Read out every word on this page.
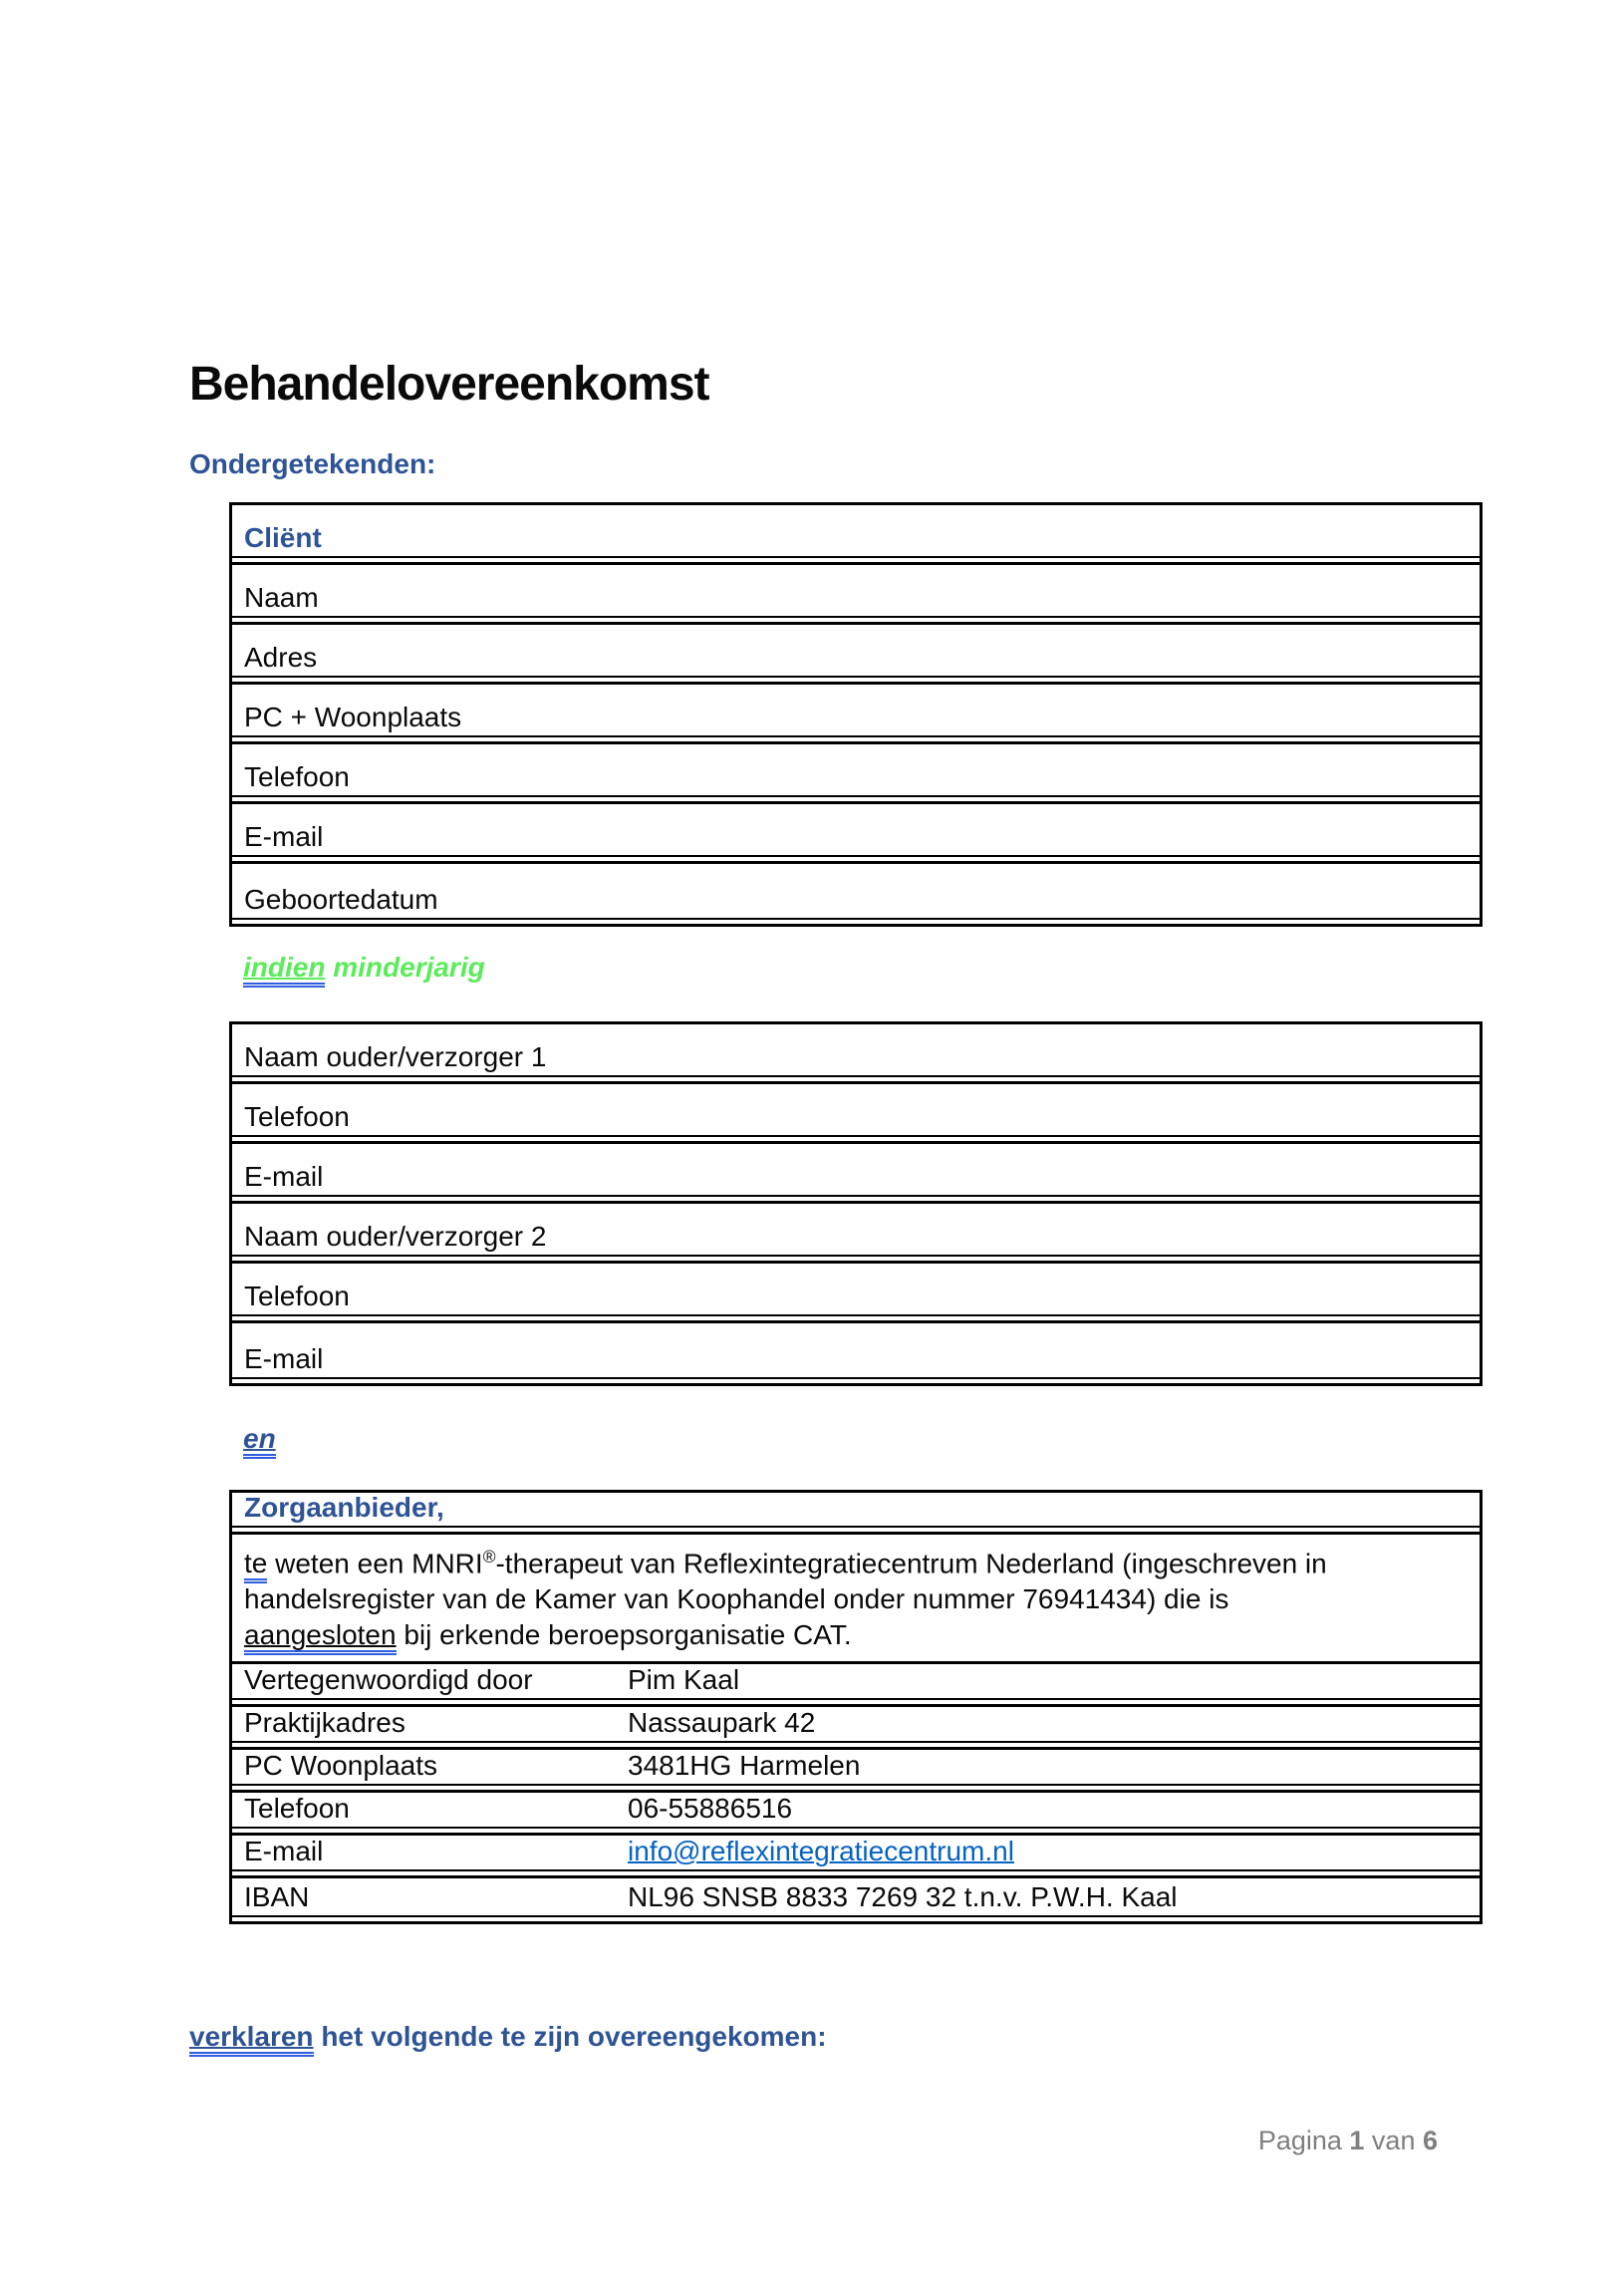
Behandelovereenkomst
Ondergetekenden:
Cliënt
Naam
Adres
PC + Woonplaats
Telefoon
E-mail
Geboortedatum
indien minderjarig
Naam ouder/verzorger 1
Telefoon
E-mail
Naam ouder/verzorger 2
Telefoon
E-mail
en
Zorgaanbieder,
te weten een MNRI®-therapeut van Reflexintegratiecentrum Nederland (ingeschreven in
handelsregister van de Kamer van Koophandel onder nummer 76941434) die is
aangesloten bij erkende beroepsorganisatie CAT.
Vertegenwoordigd door	Pim Kaal
Praktijkadres	Nassaupark 42
PC Woonplaats	3481HG Harmelen
Telefoon	06-55886516
E-mail	info@reflexintegratiecentrum.nl
IBAN	NL96 SNSB 8833 7269 32 t.n.v. P.W.H. Kaal
verklaren het volgende te zijn overeengekomen:
Pagina 1 van 6
